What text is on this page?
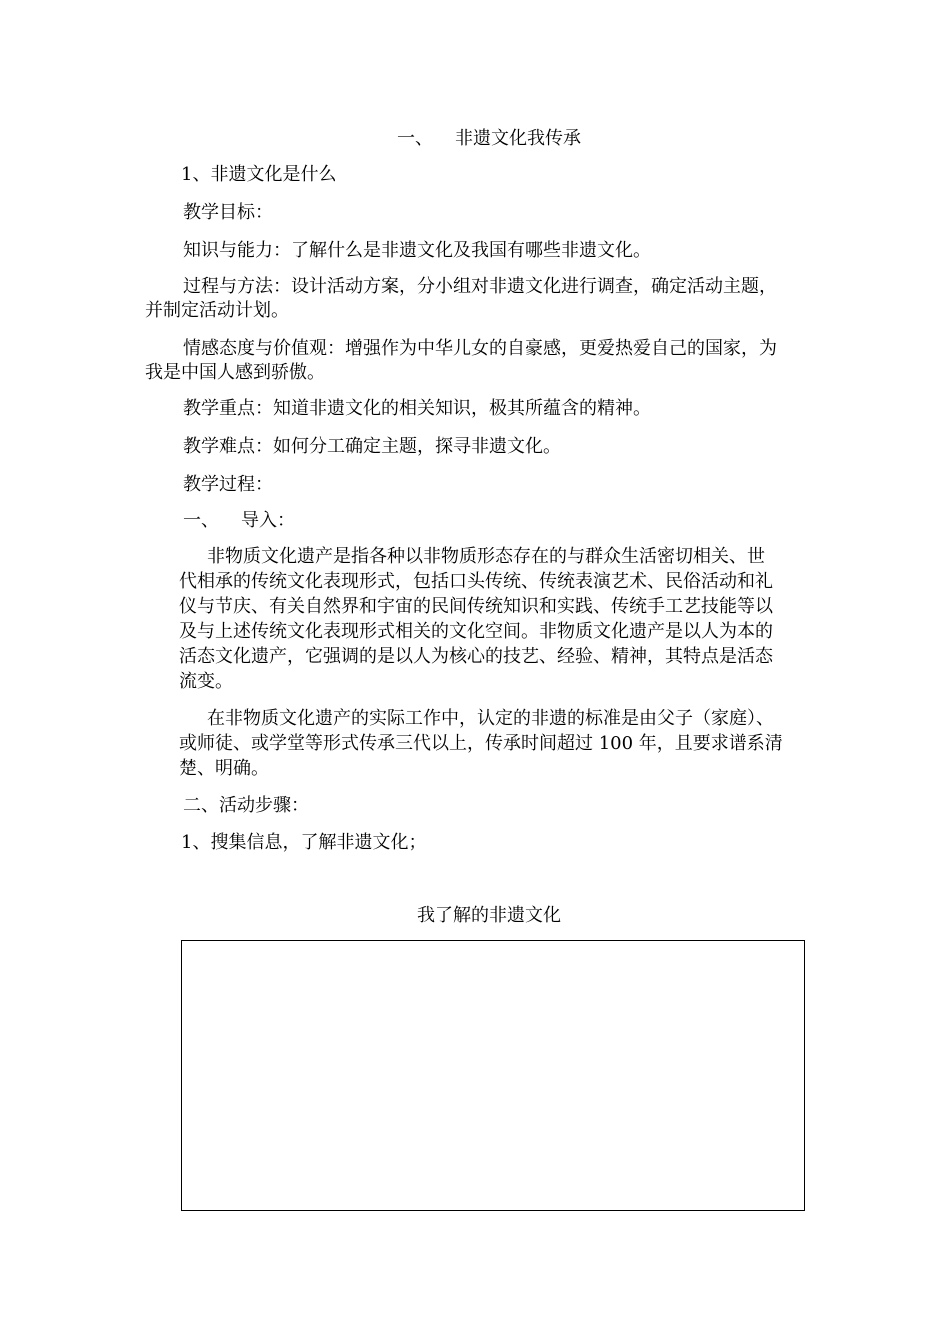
一、 非遗文化我传承
1、非遗文化是什么
教学目标：
知识与能力：了解什么是非遗文化及我国有哪些非遗文化。
过程与方法：设计活动方案，分小组对非遗文化进行调查，确定活动主题，
并制定活动计划。
情感态度与价值观：增强作为中华儿女的自豪感，更爱热爱自己的国家，为
我是中国人感到骄傲。
教学重点：知道非遗文化的相关知识，极其所蕴含的精神。
教学难点：如何分工确定主题，探寻非遗文化。
教学过程：
一、 导入：
非物质文化遗产是指各种以非物质形态存在的与群众生活密切相关、世
代相承的传统文化表现形式，包括口头传统、传统表演艺术、民俗活动和礼
仪与节庆、有关自然界和宇宙的民间传统知识和实践、传统手工艺技能等以
及与上述传统文化表现形式相关的文化空间。非物质文化遗产是以人为本的
活态文化遗产，它强调的是以人为核心的技艺、经验、精神，其特点是活态
流变。
在非物质文化遗产的实际工作中，认定的非遗的标准是由父子（家庭）、
或师徒、或学堂等形式传承三代以上，传承时间超过 100 年，且要求谱系清
楚、明确。
二、活动步骤：
1、搜集信息，了解非遗文化；
我了解的非遗文化
